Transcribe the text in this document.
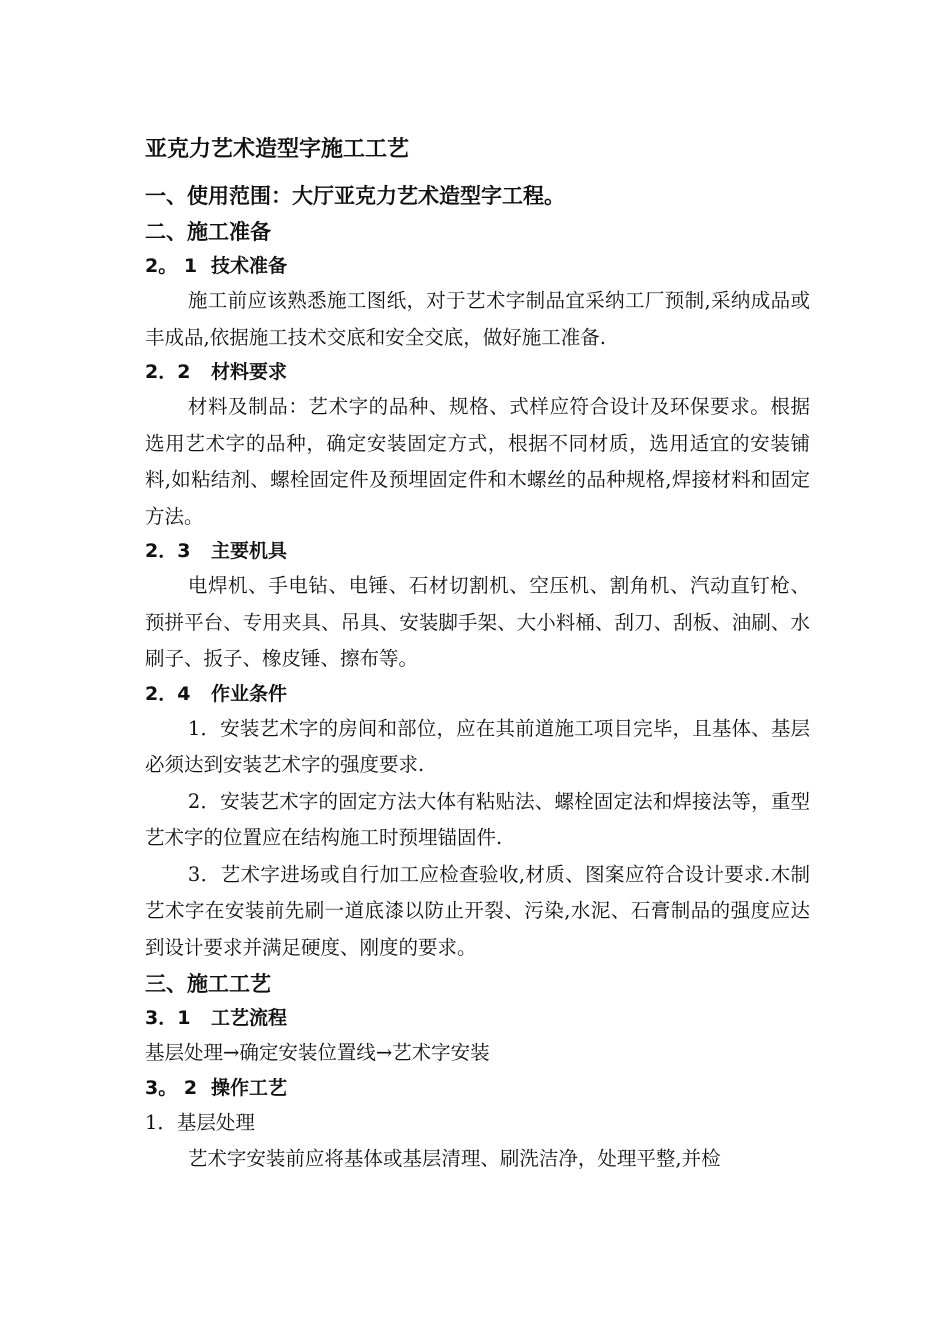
亚克力艺术造型字施工工艺
一、使用范围：大厅亚克力艺术造型字工程。
二、施工准备
2。 1 技术准备

施工前应该熟悉施工图纸，对于艺术字制品宜采纳工厂预制,采纳成品或丰成品,依据施工技术交底和安全交底，做好施工准备.

2．2 材料要求

材料及制品：艺术字的品种、规格、式样应符合设计及环保要求。根据选用艺术字的品种，确定安装固定方式，根据不同材质，选用适宜的安装铺料,如粘结剂、螺栓固定件及预埋固定件和木螺丝的品种规格,焊接材料和固定方法。

2．3 主要机具

电焊机、手电钻、电锤、石材切割机、空压机、割角机、汽动直钉枪、预拼平台、专用夹具、吊具、安装脚手架、大小料桶、刮刀、刮板、油刷、水刷子、扳子、橡皮锤、擦布等。

2．4 作业条件

1．安装艺术字的房间和部位，应在其前道施工项目完毕，且基体、基层必须达到安装艺术字的强度要求.

2．安装艺术字的固定方法大体有粘贴法、螺栓固定法和焊接法等，重型艺术字的位置应在结构施工时预埋锚固件.

3．艺术字进场或自行加工应检查验收,材质、图案应符合设计要求.木制艺术字在安装前先刷一道底漆以防止开裂、污染,水泥、石膏制品的强度应达到设计要求并满足硬度、刚度的要求。

三、施工工艺
3．1 工艺流程
基层处理→确定安装位置线→艺术字安装
3。 2 操作工艺
1．基层处理

艺术字安装前应将基体或基层清理、刷洗洁净，处理平整,并检
